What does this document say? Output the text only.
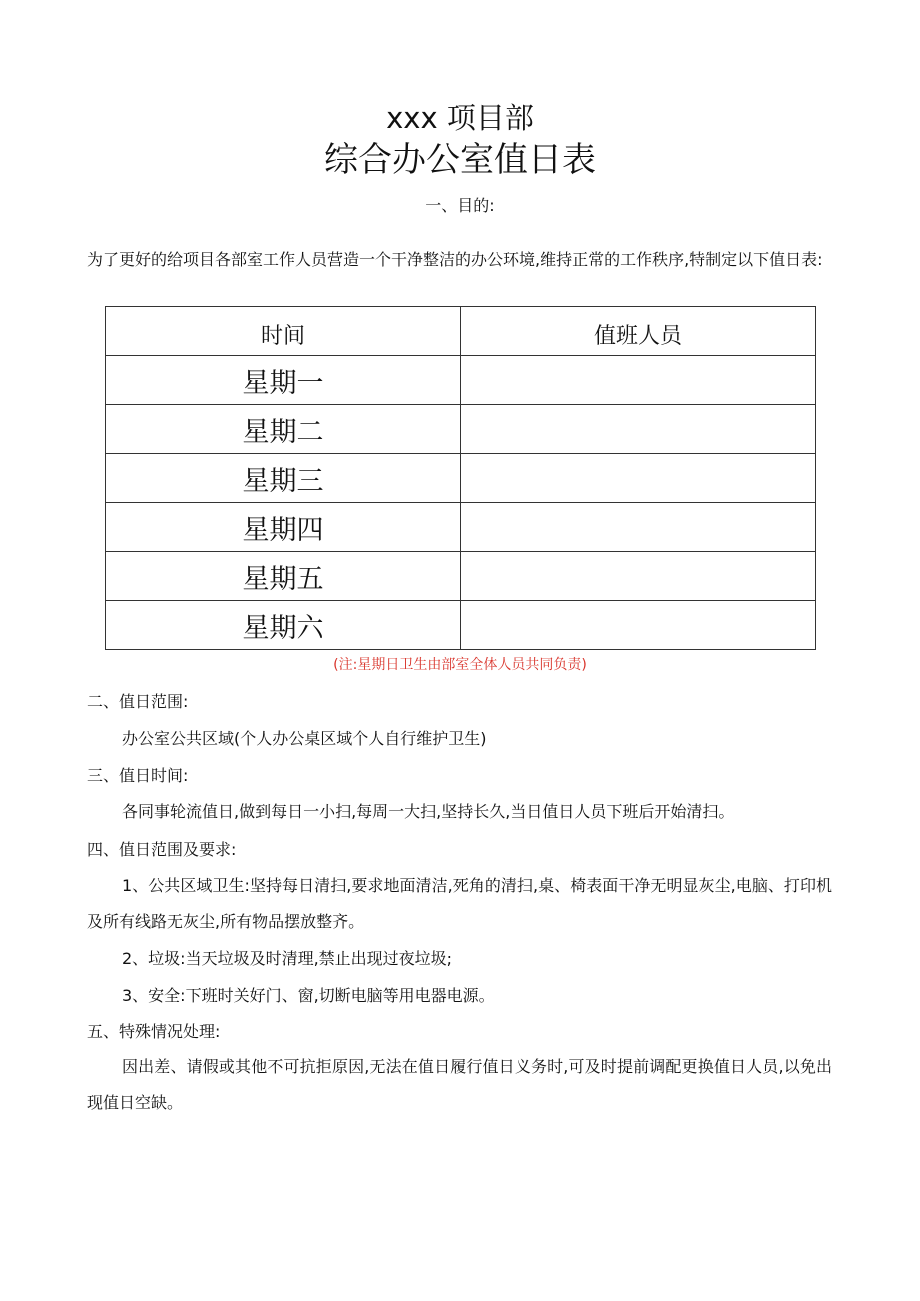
xxx 项目部
综合办公室值日表
一、目的:
为了更好的给项目各部室工作人员营造一个干净整洁的办公环境,维持正常的工作秩序,特制定以下值日表:
时间	值班人员
星期一	
星期二	
星期三	
星期四	
星期五	
星期六	
(注:星期日卫生由部室全体人员共同负责)
二、值日范围:
办公室公共区域(个人办公桌区域个人自行维护卫生)
三、值日时间:
各同事轮流值日,做到每日一小扫,每周一大扫,坚持长久,当日值日人员下班后开始清扫。
四、值日范围及要求:
1、公共区域卫生:坚持每日清扫,要求地面清洁,死角的清扫,桌、椅表面干净无明显灰尘,电脑、打印机及所有线路无灰尘,所有物品摆放整齐。
2、垃圾:当天垃圾及时清理,禁止出现过夜垃圾;
3、安全:下班时关好门、窗,切断电脑等用电器电源。
五、特殊情况处理:
因出差、请假或其他不可抗拒原因,无法在值日履行值日义务时,可及时提前调配更换值日人员,以免出现值日空缺。
